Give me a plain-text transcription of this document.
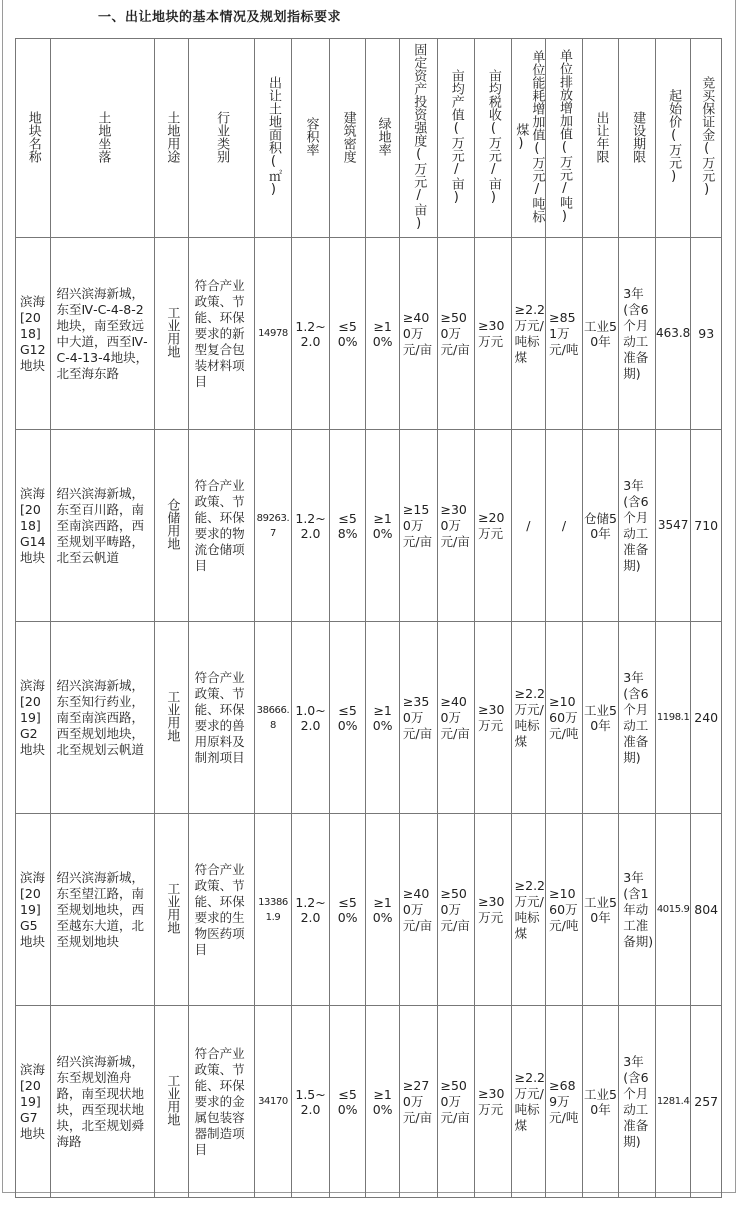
一、出让地块的基本情况及规划指标要求
地块名称	土地坐落	土地用途	行业类别	出让土地面积(㎡)	容积率	建筑密度	绿地率	固定资产投资强度(万元/亩)	亩均产值(万元/亩)	亩均税收(万元/亩)	单位能耗增加值(万元/吨标煤)	单位排放增加值(万元/吨)	出让年限	建设期限	起始价(万元)	竞买保证金(万元)
滨海[2018]G12地块	绍兴滨海新城，东至Ⅳ-C-4-8-2地块，南至致远中大道，西至Ⅳ-C-4-13-4地块，北至海东路	工业用地	符合产业政策、节能、环保要求的新型复合包装材料项目	14978	1.2~2.0	≤50%	≥10%	≥400万元/亩	≥500万元/亩	≥30万元	≥2.2万元/吨标煤	≥851万元/吨	工业50年	3年(含6个月动工准备期)	463.8	93
滨海[2018]G14地块	绍兴滨海新城，东至百川路，南至南滨西路，西至规划平畴路，北至云帆道	仓储用地	符合产业政策、节能、环保要求的物流仓储项目	89263.7	1.2~2.0	≤58%	≥10%	≥150万元/亩	≥300万元/亩	≥20万元	/	/	仓储50年	3年(含6个月动工准备期)	3547	710
滨海[2019]G2地块	绍兴滨海新城，东至知行药业，南至南滨西路，西至规划地块，北至规划云帆道	工业用地	符合产业政策、节能、环保要求的兽用原料及制剂项目	38666.8	1.0~2.0	≤50%	≥10%	≥350万元/亩	≥400万元/亩	≥30万元	≥2.2万元/吨标煤	≥1060万元/吨	工业50年	3年(含6个月动工准备期)	1198.1	240
滨海[2019]G5地块	绍兴滨海新城，东至望江路，南至规划地块，西至越东大道，北至规划地块	工业用地	符合产业政策、节能、环保要求的生物医药项目	133861.9	1.2~2.0	≤50%	≥10%	≥400万元/亩	≥500万元/亩	≥30万元	≥2.2万元/吨标煤	≥1060万元/吨	工业50年	3年(含1年动工准备期)	4015.9	804
滨海[2019]G7地块	绍兴滨海新城，东至规划渔舟路，南至现状地块，西至现状地块，北至规划舜海路	工业用地	符合产业政策、节能、环保要求的金属包装容器制造项目	34170	1.5~2.0	≤50%	≥10%	≥270万元/亩	≥500万元/亩	≥30万元	≥2.2万元/吨标煤	≥689万元/吨	工业50年	3年(含6个月动工准备期)	1281.4	257
